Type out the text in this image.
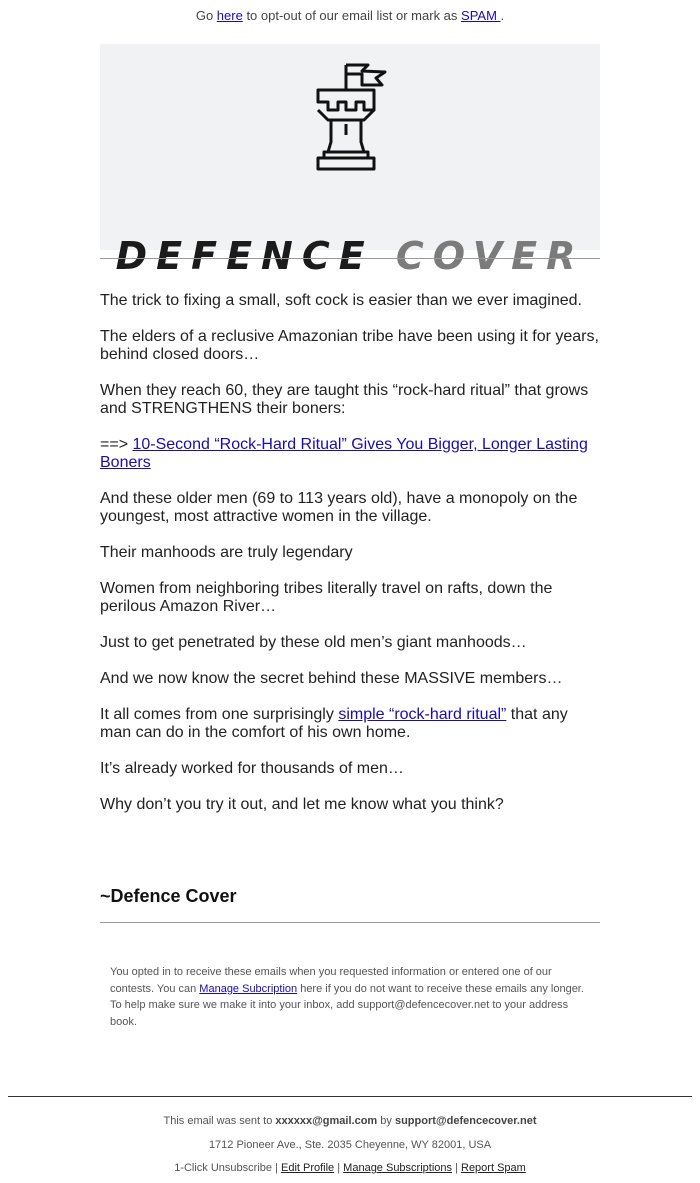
Go here to opt-out of our email list or mark as SPAM .
DEFENCE COVER

The trick to fixing a small, soft cock is easier than we ever imagined.

The elders of a reclusive Amazonian tribe have been using it for years, behind closed doors…

When they reach 60, they are taught this “rock-hard ritual” that grows and STRENGTHENS their boners:

==> 10-Second “Rock-Hard Ritual” Gives You Bigger, Longer Lasting Boners

And these older men (69 to 113 years old), have a monopoly on the youngest, most attractive women in the village.

Their manhoods are truly legendary

Women from neighboring tribes literally travel on rafts, down the perilous Amazon River…

Just to get penetrated by these old men’s giant manhoods…

And we now know the secret behind these MASSIVE members…

It all comes from one surprisingly simple “rock-hard ritual” that any man can do in the comfort of his own home.

It’s already worked for thousands of men…

Why don’t you try it out, and let me know what you think?

~Defence Cover
You opted in to receive these emails when you requested information or entered one of our contests. You can Manage Subcription here if you do not want to receive these emails any longer. To help make sure we make it into your inbox, add support@defencecover.net to your address book.
This email was sent to xxxxxx@gmail.com by support@defencecover.net
1712 Pioneer Ave., Ste. 2035 Cheyenne, WY 82001, USA
1-Click Unsubscribe | Edit Profile | Manage Subscriptions | Report Spam
